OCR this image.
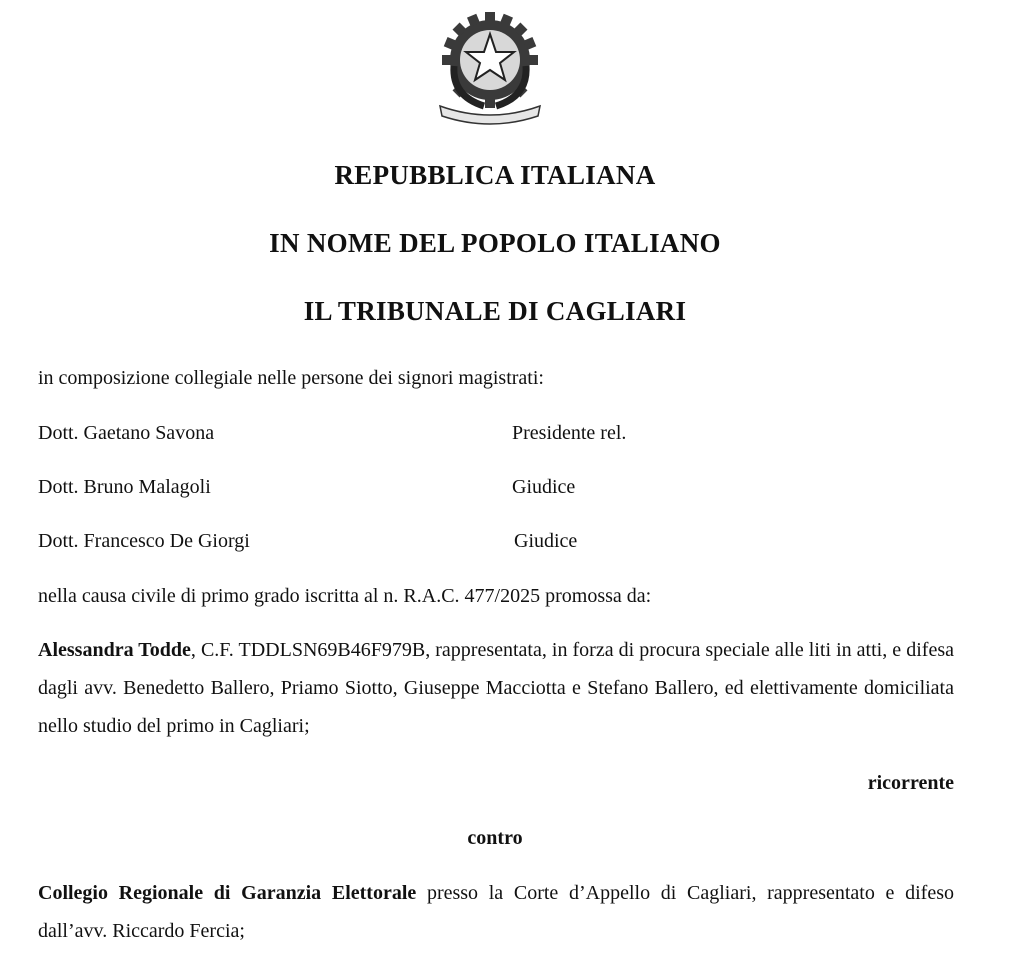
REPUBBLICA ITALIANA
IN NOME DEL POPOLO ITALIANO
IL TRIBUNALE DI CAGLIARI
in composizione collegiale nelle persone dei signori magistrati:
Dott. Gaetano Savona	Presidente rel.
Dott. Bruno Malagoli	Giudice
Dott. Francesco De Giorgi	Giudice
nella causa civile di primo grado iscritta al n. R.A.C. 477/2025 promossa da:
Alessandra Todde, C.F. TDDLSN69B46F979B, rappresentata, in forza di procura speciale alle liti in atti, e difesa dagli avv. Benedetto Ballero, Priamo Siotto, Giuseppe Macciotta e Stefano Ballero, ed elettivamente domiciliata nello studio del primo in Cagliari;
ricorrente
contro
Collegio Regionale di Garanzia Elettorale presso la Corte d’Appello di Cagliari, rappresentato e difeso dall’avv. Riccardo Fercia;
